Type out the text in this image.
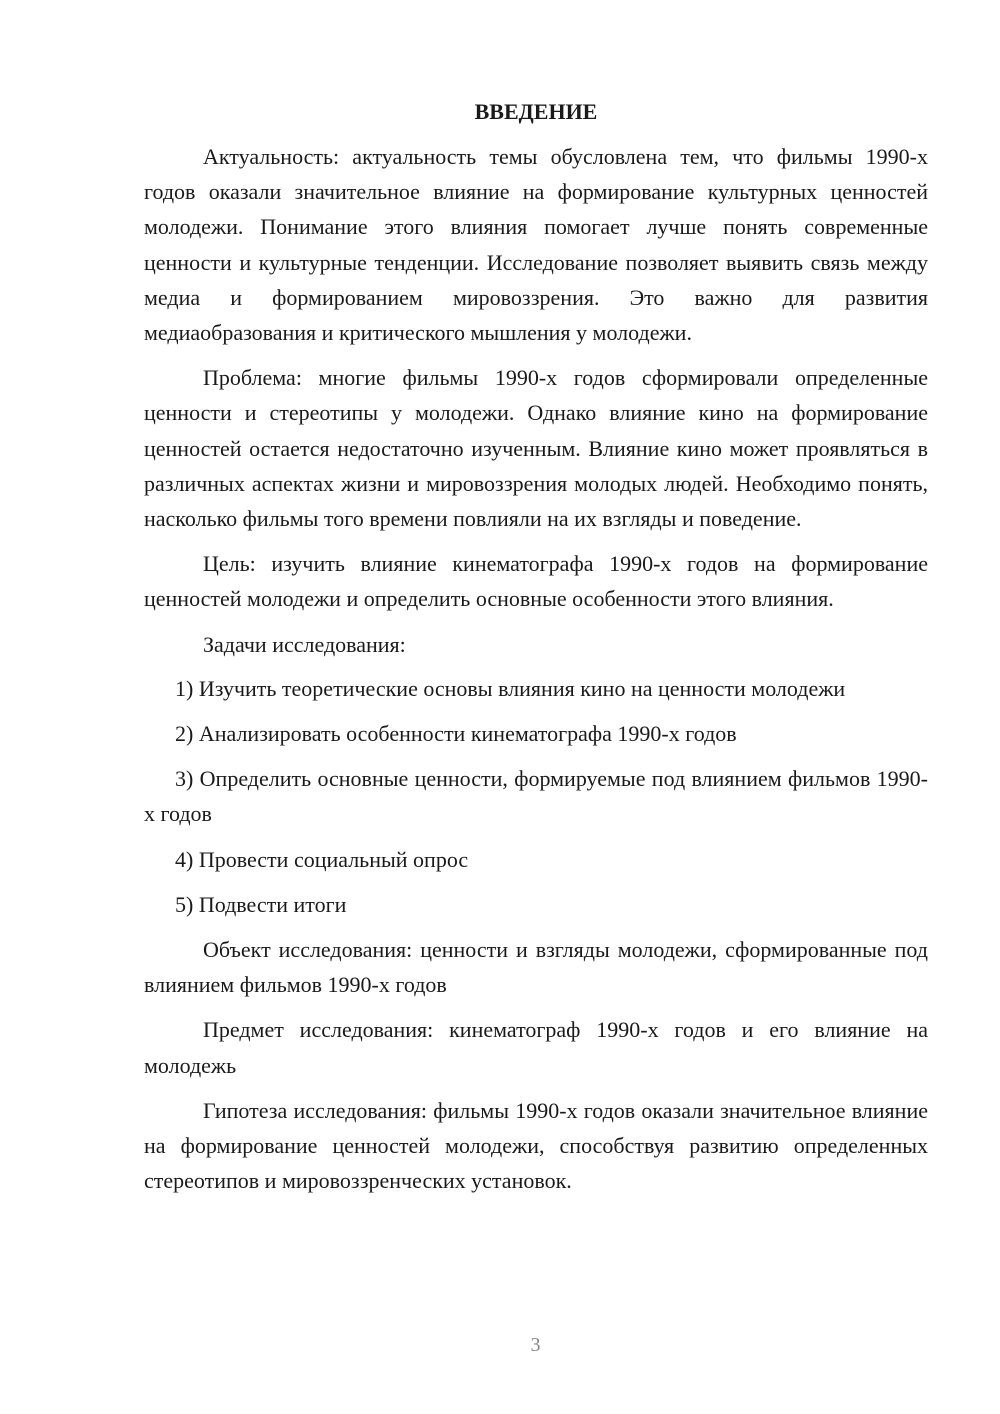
ВВЕДЕНИЕ

Актуальность: актуальность темы обусловлена тем, что фильмы 1990-х годов оказали значительное влияние на формирование культурных ценностей молодежи. Понимание этого влияния помогает лучше понять современные ценности и культурные тенденции. Исследование позволяет выявить связь между медиа и формированием мировоззрения. Это важно для развития медиаобразования и критического мышления у молодежи.

Проблема: многие фильмы 1990-х годов сформировали определенные ценности и стереотипы у молодежи. Однако влияние кино на формирование ценностей остается недостаточно изученным. Влияние кино может проявляться в различных аспектах жизни и мировоззрения молодых людей. Необходимо понять, насколько фильмы того времени повлияли на их взгляды и поведение.

Цель: изучить влияние кинематографа 1990-х годов на формирование ценностей молодежи и определить основные особенности этого влияния.

Задачи исследования:

1) Изучить теоретические основы влияния кино на ценности молодежи

2) Анализировать особенности кинематографа 1990-х годов

3) Определить основные ценности, формируемые под влиянием фильмов 1990-х годов

4) Провести социальный опрос

5) Подвести итоги

Объект исследования: ценности и взгляды молодежи, сформированные под влиянием фильмов 1990-х годов

Предмет исследования: кинематограф 1990-х годов и его влияние на молодежь

Гипотеза исследования: фильмы 1990-х годов оказали значительное влияние на формирование ценностей молодежи, способствуя развитию определенных стереотипов и мировоззренческих установок.

3
